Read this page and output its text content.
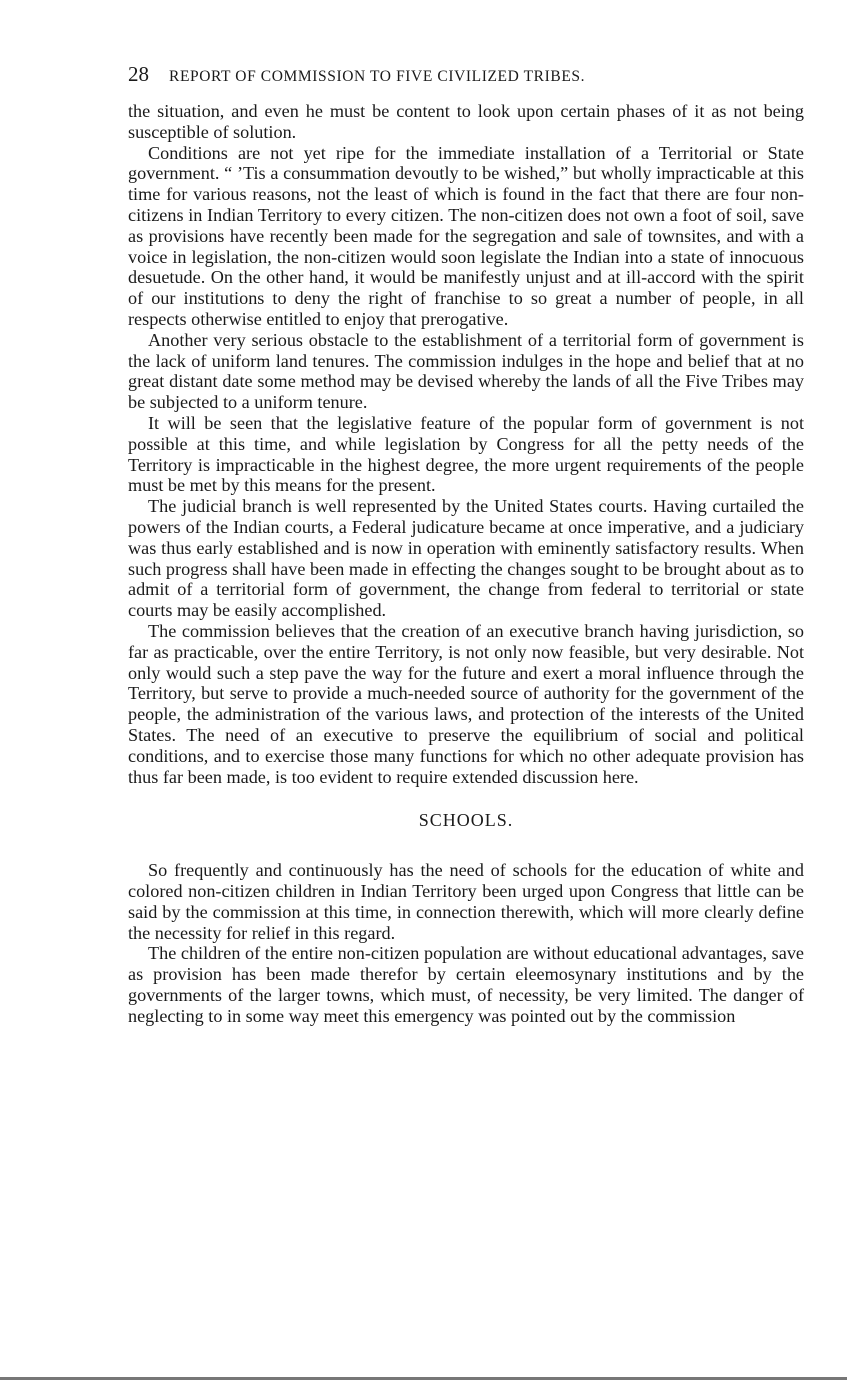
28 REPORT OF COMMISSION TO FIVE CIVILIZED TRIBES.

the situation, and even he must be content to look upon certain phases of it as not being susceptible of solution.

Conditions are not yet ripe for the immediate installation of a Territorial or State government. “ ’Tis a consummation devoutly to be wished,” but wholly impracticable at this time for various reasons, not the least of which is found in the fact that there are four non-citizens in Indian Territory to every citizen. The non-citizen does not own a foot of soil, save as provisions have recently been made for the segregation and sale of townsites, and with a voice in legislation, the non-citizen would soon legislate the Indian into a state of innocuous desuetude. On the other hand, it would be manifestly unjust and at ill-accord with the spirit of our institutions to deny the right of franchise to so great a number of people, in all respects otherwise entitled to enjoy that prerogative.

Another very serious obstacle to the establishment of a territorial form of government is the lack of uniform land tenures. The commission indulges in the hope and belief that at no great distant date some method may be devised whereby the lands of all the Five Tribes may be subjected to a uniform tenure.

It will be seen that the legislative feature of the popular form of government is not possible at this time, and while legislation by Congress for all the petty needs of the Territory is impracticable in the highest degree, the more urgent requirements of the people must be met by this means for the present.

The judicial branch is well represented by the United States courts. Having curtailed the powers of the Indian courts, a Federal judicature became at once imperative, and a judiciary was thus early established and is now in operation with eminently satisfactory results. When such progress shall have been made in effecting the changes sought to be brought about as to admit of a territorial form of government, the change from federal to territorial or state courts may be easily accomplished.

The commission believes that the creation of an executive branch having jurisdiction, so far as practicable, over the entire Territory, is not only now feasible, but very desirable. Not only would such a step pave the way for the future and exert a moral influence through the Territory, but serve to provide a much-needed source of authority for the government of the people, the administration of the various laws, and protection of the interests of the United States. The need of an executive to preserve the equilibrium of social and political conditions, and to exercise those many functions for which no other adequate provision has thus far been made, is too evident to require extended discussion here.

SCHOOLS.

So frequently and continuously has the need of schools for the education of white and colored non-citizen children in Indian Territory been urged upon Congress that little can be said by the commission at this time, in connection therewith, which will more clearly define the necessity for relief in this regard.

The children of the entire non-citizen population are without educational advantages, save as provision has been made therefor by certain eleemosynary institutions and by the governments of the larger towns, which must, of necessity, be very limited. The danger of neglecting to in some way meet this emergency was pointed out by the commission
